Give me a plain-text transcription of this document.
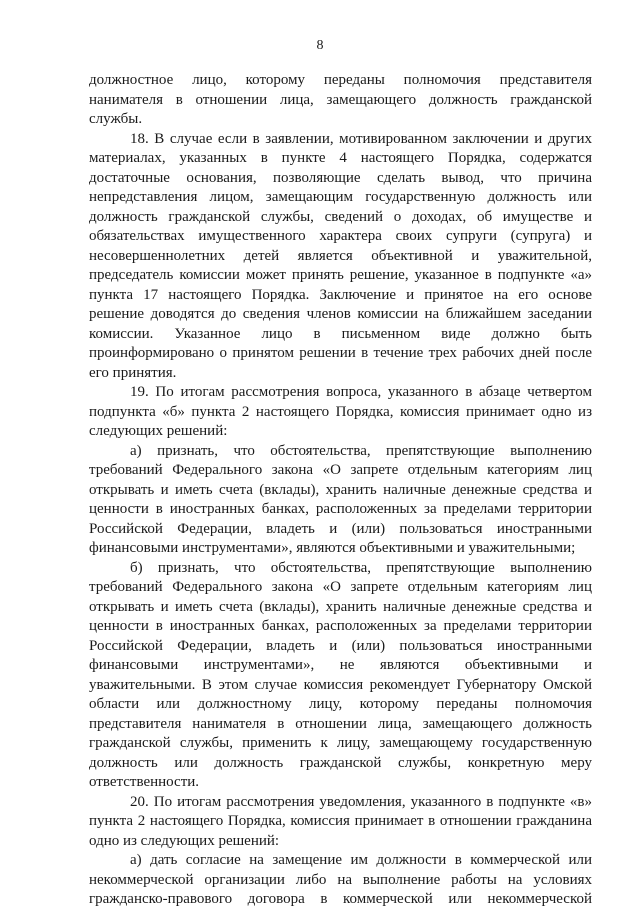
8
должностное лицо, которому переданы полномочия представителя
нанимателя в отношении лица, замещающего должность гражданской
службы.
18. В случае если в заявлении, мотивированном заключении и других
материалах, указанных в пункте 4 настоящего Порядка, содержатся
достаточные основания, позволяющие сделать вывод, что причина
непредставления лицом, замещающим государственную должность или
должность гражданской службы, сведений о доходах, об имуществе и
обязательствах имущественного характера своих супруги (супруга) и
несовершеннолетних детей является объективной и уважительной,
председатель комиссии может принять решение, указанное в подпункте «а»
пункта 17 настоящего Порядка. Заключение и принятое на его основе
решение доводятся до сведения членов комиссии на ближайшем заседании
комиссии. Указанное лицо в письменном виде должно быть
проинформировано о принятом решении в течение трех рабочих дней после
его принятия.
19. По итогам рассмотрения вопроса, указанного в абзаце четвертом
подпункта «б» пункта 2 настоящего Порядка, комиссия принимает одно из
следующих решений:
а) признать, что обстоятельства, препятствующие выполнению
требований Федерального закона «О запрете отдельным категориям лиц
открывать и иметь счета (вклады), хранить наличные денежные средства и
ценности в иностранных банках, расположенных за пределами территории
Российской Федерации, владеть и (или) пользоваться иностранными
финансовыми инструментами», являются объективными и уважительными;
б) признать, что обстоятельства, препятствующие выполнению
требований Федерального закона «О запрете отдельным категориям лиц
открывать и иметь счета (вклады), хранить наличные денежные средства и
ценности в иностранных банках, расположенных за пределами территории
Российской Федерации, владеть и (или) пользоваться иностранными
финансовыми инструментами», не являются объективными и
уважительными. В этом случае комиссия рекомендует Губернатору Омской
области или должностному лицу, которому переданы полномочия
представителя нанимателя в отношении лица, замещающего должность
гражданской службы, применить к лицу, замещающему государственную
должность или должность гражданской службы, конкретную меру
ответственности.
20. По итогам рассмотрения уведомления, указанного в подпункте «в»
пункта 2 настоящего Порядка, комиссия принимает в отношении гражданина
одно из следующих решений:
а) дать согласие на замещение им должности в коммерческой или
некоммерческой организации либо на выполнение работы на условиях
гражданско-правового договора в коммерческой или некоммерческой
